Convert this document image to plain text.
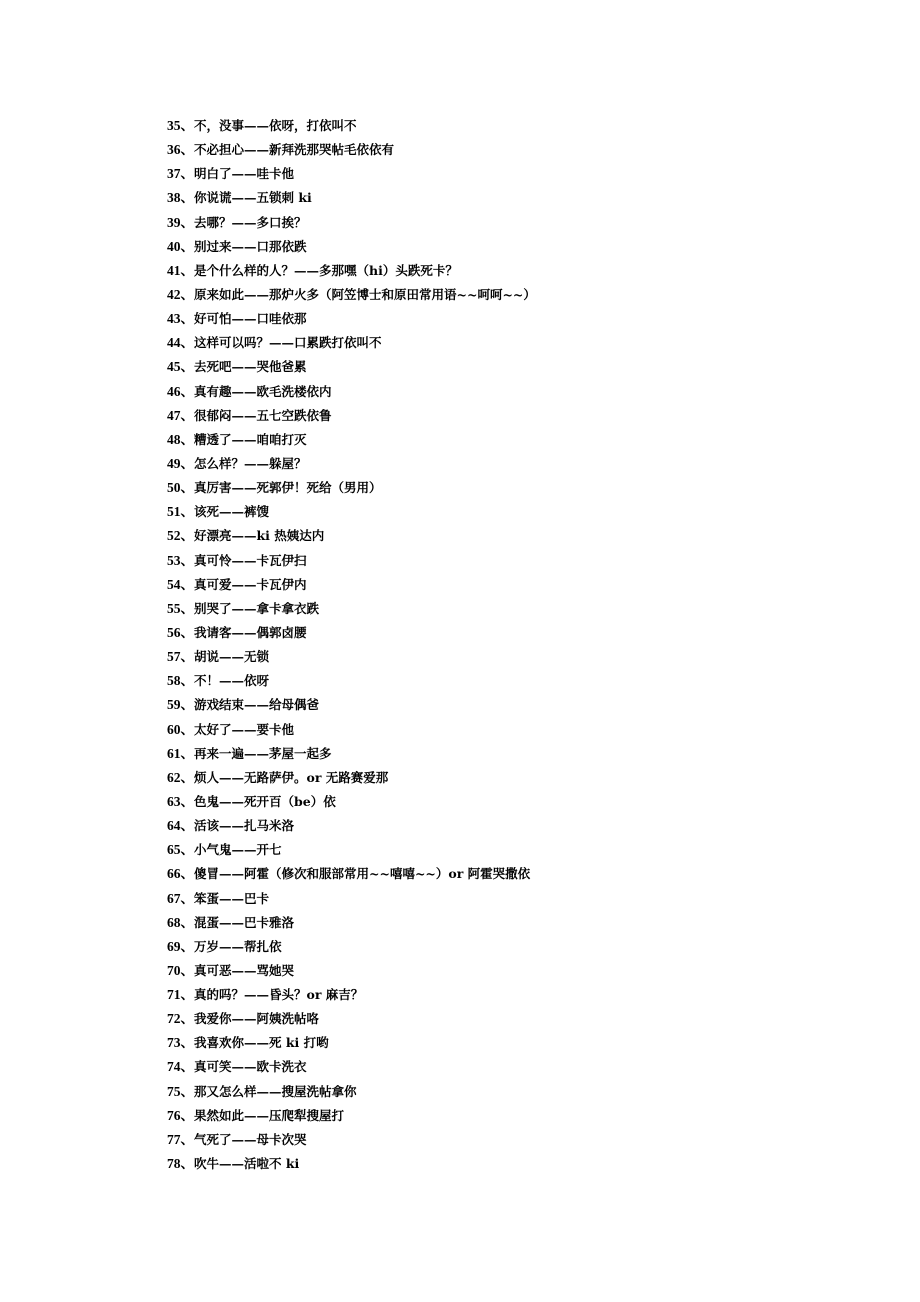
35、不，没事——依呀，打依叫不
36、不必担心——新拜洗那哭帖毛依依有
37、明白了——哇卡他
38、你说谎——五锁刺 ki
39、去哪？——多口挨？
40、别过来——口那依跌
41、是个什么样的人？——多那嘿（hi）头跌死卡？
42、原来如此——那炉火多（阿笠博士和原田常用语~~呵呵~~）
43、好可怕——口哇依那
44、这样可以吗？——口累跌打依叫不
45、去死吧——哭他爸累
46、真有趣——欧毛洗楼依内
47、很郁闷——五七空跌依鲁
48、糟透了——咱咱打灭
49、怎么样？——躲屋？
50、真厉害——死郭伊！死给（男用）
51、该死——裤馊
52、好漂亮——ki 热姨达内
53、真可怜——卡瓦伊扫
54、真可爱——卡瓦伊内
55、别哭了——拿卡拿衣跌
56、我请客——偶郭卤腰
57、胡说——无锁
58、不！——依呀
59、游戏结束——给母偶爸
60、太好了——要卡他
61、再来一遍——茅屋一起多
62、烦人——无路萨伊。or 无路赛爱那
63、色鬼——死开百（be）依
64、活该——扎马米洛
65、小气鬼——开七
66、傻冒——阿霍（修次和服部常用~~嘻嘻~~）or 阿霍哭撒依
67、笨蛋——巴卡
68、混蛋——巴卡雅洛
69、万岁——帮扎依
70、真可恶——骂她哭
71、真的吗？——昏头？or 麻吉？
72、我爱你——阿姨洗帖咯
73、我喜欢你——死 ki 打哟
74、真可笑——欧卡洗衣
75、那又怎么样——搜屋洗帖拿你
76、果然如此——压爬犁搜屋打
77、气死了——母卡次哭
78、吹牛——活啦不 ki
